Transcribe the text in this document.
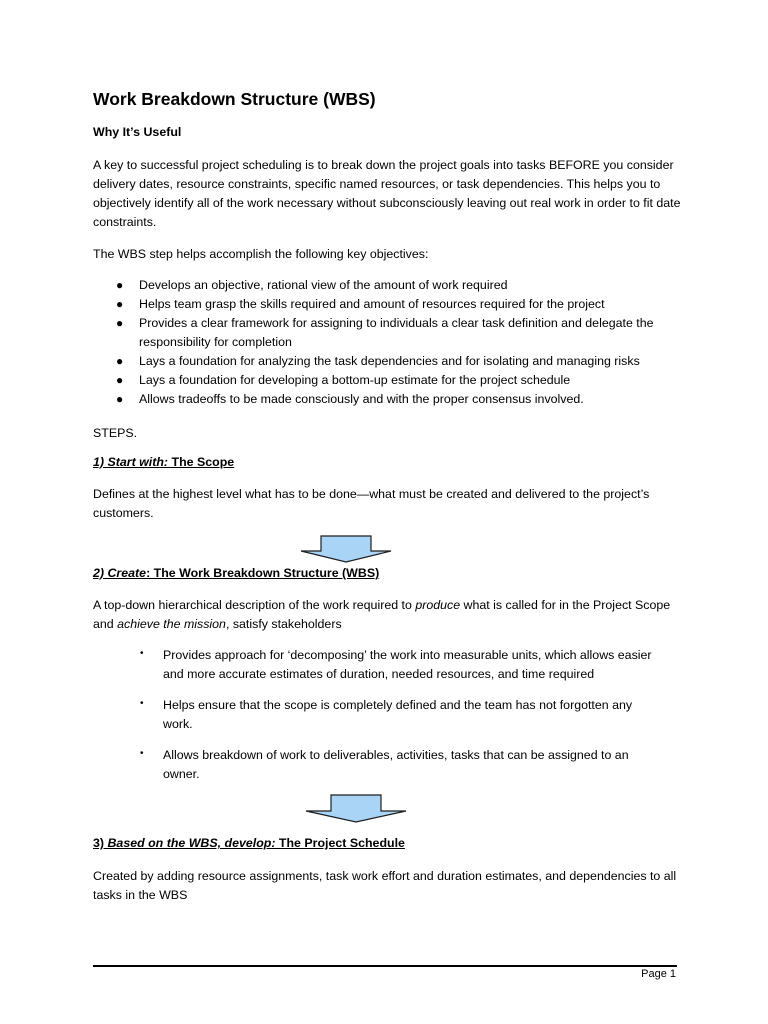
Work Breakdown Structure (WBS)
Why It’s Useful
A key to successful project scheduling is to break down the project goals into tasks BEFORE you consider delivery dates, resource constraints, specific named resources, or task dependencies. This helps you to objectively identify all of the work necessary without subconsciously leaving out real work in order to fit date constraints.
The WBS step helps accomplish the following key objectives:
● Develops an objective, rational view of the amount of work required
● Helps team grasp the skills required and amount of resources required for the project
● Provides a clear framework for assigning to individuals a clear task definition and delegate the responsibility for completion
● Lays a foundation for analyzing the task dependencies and for isolating and managing risks
● Lays a foundation for developing a bottom-up estimate for the project schedule
● Allows tradeoffs to be made consciously and with the proper consensus involved.
STEPS.
1) Start with: The Scope
Defines at the highest level what has to be done—what must be created and delivered to the project’s customers.
2) Create: The Work Breakdown Structure (WBS)
A top-down hierarchical description of the work required to produce what is called for in the Project Scope and achieve the mission, satisfy stakeholders
• Provides approach for ‘decomposing’ the work into measurable units, which allows easier and more accurate estimates of duration, needed resources, and time required
• Helps ensure that the scope is completely defined and the team has not forgotten any work.
• Allows breakdown of work to deliverables, activities, tasks that can be assigned to an owner.
3) Based on the WBS, develop: The Project Schedule
Created by adding resource assignments, task work effort and duration estimates, and dependencies to all tasks in the WBS
Page 1
